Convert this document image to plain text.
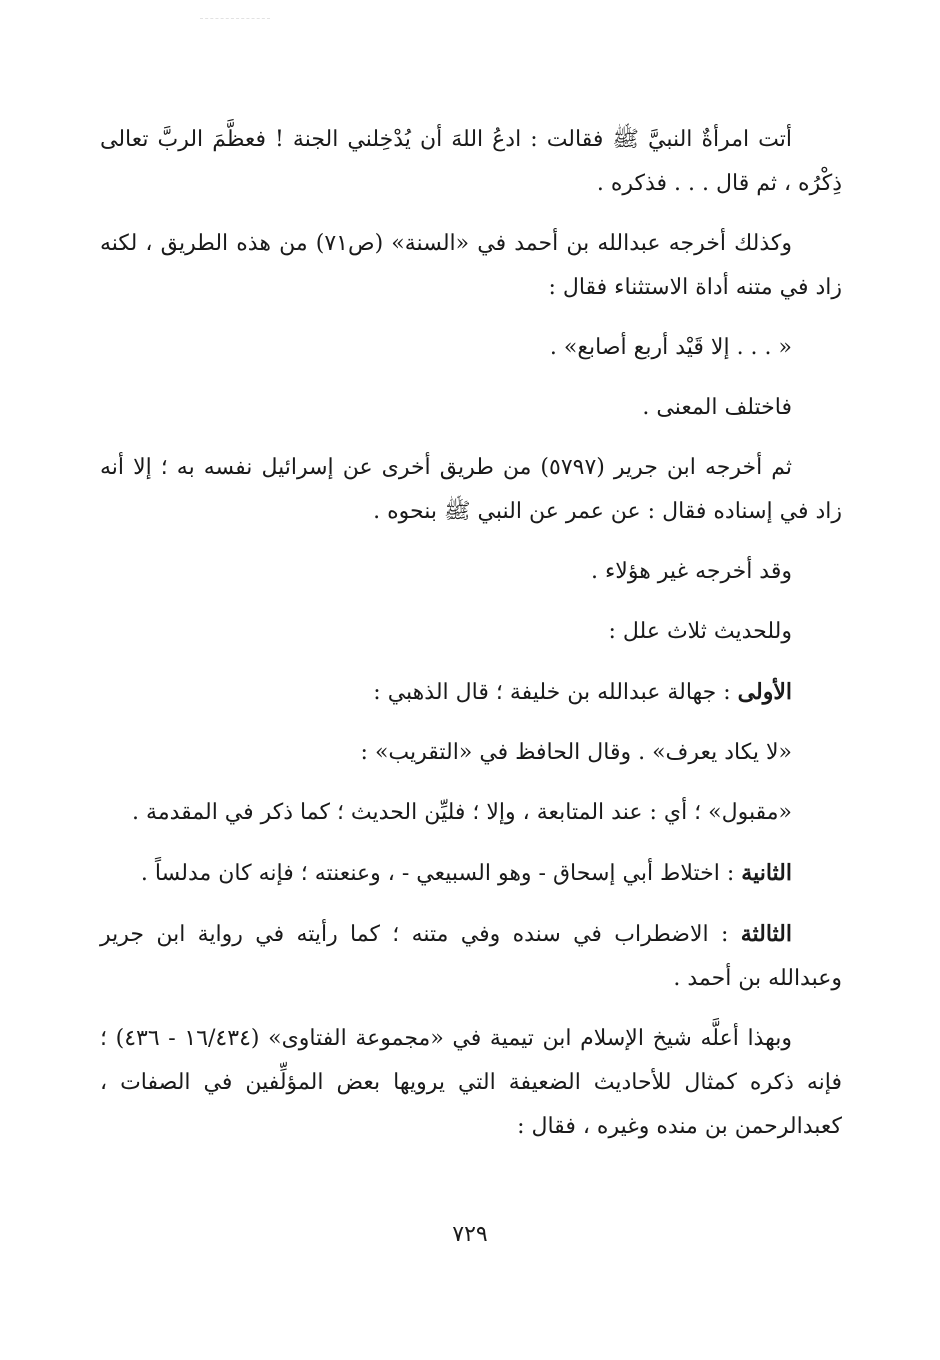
أتت امرأةٌ النبيَّ ﷺ فقالت : ادعُ اللهَ أن يُدْخِلني الجنة ! فعظَّمَ الربَّ تعالى ذِكْرُه ، ثم قال . . . فذكره .

وكذلك أخرجه عبدالله بن أحمد في «السنة» (ص٧١) من هذه الطريق ، لكنه زاد في متنه أداة الاستثناء فقال :

« . . . إلا قَيْد أربع أصابع» .

فاختلف المعنى .

ثم أخرجه ابن جرير (٥٧٩٧) من طريق أخرى عن إسرائيل نفسه به ؛ إلا أنه زاد في إسناده فقال : عن عمر عن النبي ﷺ بنحوه .

وقد أخرجه غير هؤلاء .

وللحديث ثلاث علل :

الأولى : جهالة عبدالله بن خليفة ؛ قال الذهبي :

«لا يكاد يعرف» . وقال الحافظ في «التقريب» :

«مقبول» ؛ أي : عند المتابعة ، وإلا ؛ فليِّن الحديث ؛ كما ذكر في المقدمة .

الثانية : اختلاط أبي إسحاق - وهو السبيعي - ، وعنعنته ؛ فإنه كان مدلساً .

الثالثة : الاضطراب في سنده وفي متنه ؛ كما رأيته في رواية ابن جرير وعبدالله بن أحمد .

وبهذا أعلَّه شيخ الإسلام ابن تيمية في «مجموعة الفتاوى» (١٦/٤٣٤ - ٤٣٦) ؛ فإنه ذكره كمثال للأحاديث الضعيفة التي يرويها بعض المؤلِّفين في الصفات ، كعبدالرحمن بن منده وغيره ، فقال :

٧٢٩
